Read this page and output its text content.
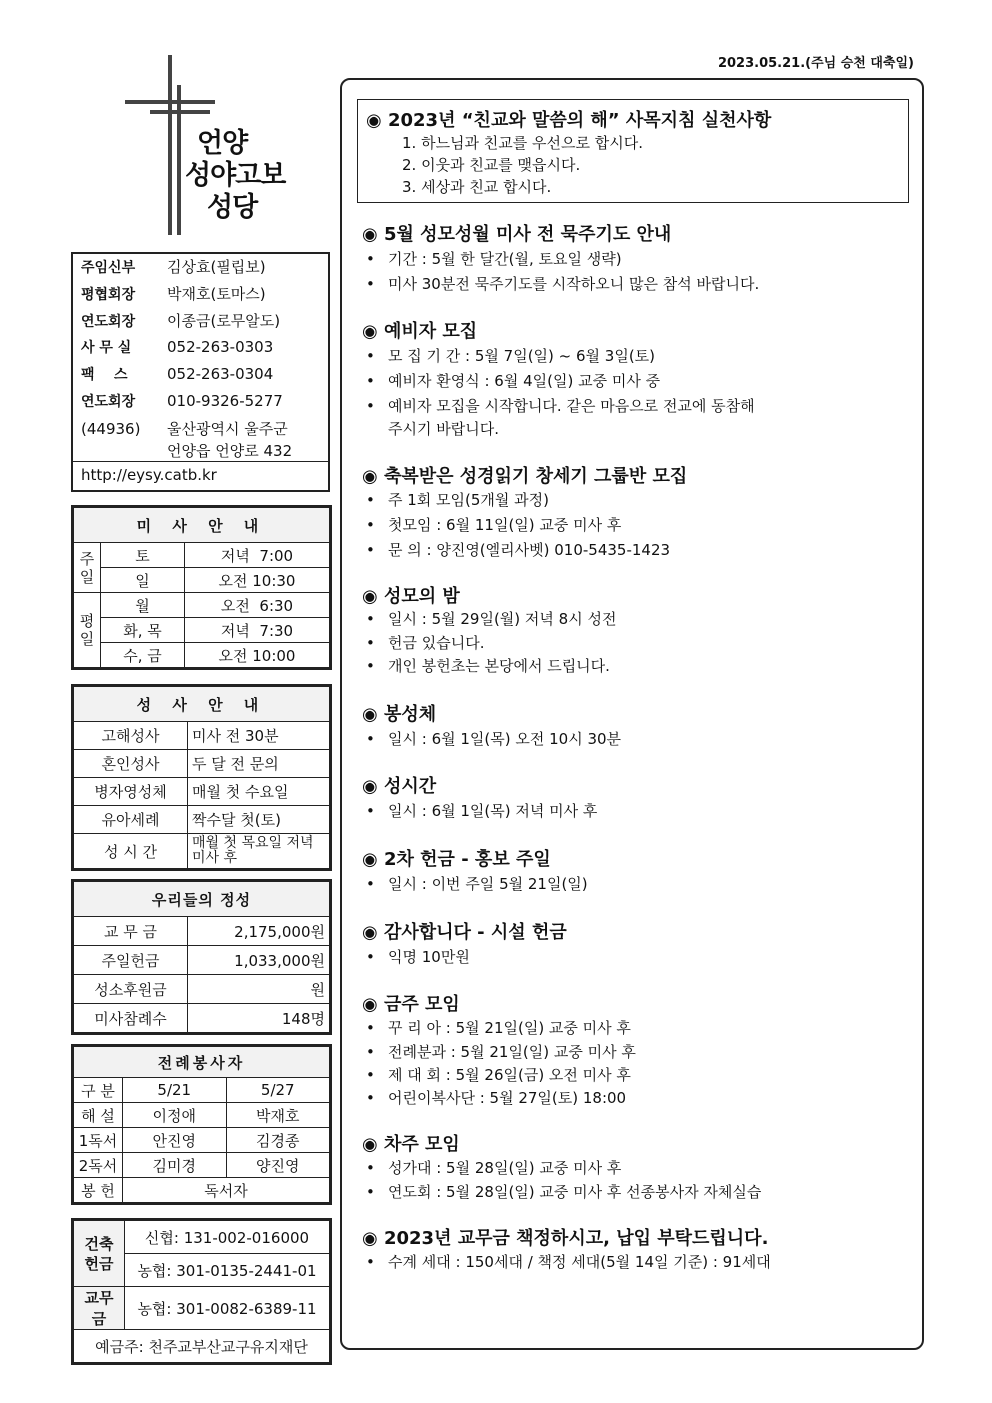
2023.05.21.(주님 승천 대축일)
언양
성야고보
성당
주임신부 김상효(필립보)
평협회장 박재호(토마스)
연도회장 이종금(로무알도)
사 무 실 052-263-0303
팩    스	052-263-0304
연도회장 010-9326-5277
(44936) 울산광역시 울주군
언양읍 언양로 432
http://eysy.catb.kr
미 사 안 내		
주일	토	저녁  7:00
	일	오전 10:30
평일	월	오전  6:30
	화, 목	저녁  7:30
	수, 금	오전 10:00
성 사 안 내	
고해성사	미사 전 30분
혼인성사	두 달 전 문의
병자영성체	매월 첫 수요일
유아세례	짝수달 첫(토)
성 시 간	매월 첫 목요일 저녁미사 후
우리들의 정성	
교 무 금	2,175,000원
주일헌금	1,033,000원
성소후원금	원
미사참례수	148명
전례봉사자		
구 분	5/21	5/27
해 설	이정애	박재호
1독서	안진영	김경종
2독서	김미경	양진영
봉 헌	독서자	
건축헌금	신협: 131-002-016000
	농협: 301-0135-2441-01
교무금	농협: 301-0082-6389-11
예금주: 천주교부산교구유지재단	
◉ 2023년 “친교와 말씀의 해” 사목지침 실천사항
1. 하느님과 친교를 우선으로 합시다.
2. 이웃과 친교를 맺읍시다.
3. 세상과 친교 합시다.
◉ 5월 성모성월 미사 전 묵주기도 안내
• 기간 : 5월 한 달간(월, 토요일 생략)
• 미사 30분전 묵주기도를 시작하오니 많은 참석 바랍니다.
◉ 예비자 모집
• 모 집 기 간 : 5월 7일(일) ~ 6월 3일(토)
• 예비자 환영식 : 6월 4일(일) 교중 미사 중
• 예비자 모집을 시작합니다. 같은 마음으로 전교에 동참해
주시기 바랍니다.
◉ 축복받은 성경읽기 창세기 그룹반 모집
• 주 1회 모임(5개월 과정)
• 첫모임 : 6월 11일(일) 교중 미사 후
• 문 의 : 양진영(엘리사벳) 010-5435-1423
◉ 성모의 밤
• 일시 : 5월 29일(월) 저녁 8시 성전
• 헌금 있습니다.
• 개인 봉헌초는 본당에서 드립니다.
◉ 봉성체
• 일시 : 6월 1일(목) 오전 10시 30분
◉ 성시간
• 일시 : 6월 1일(목) 저녁 미사 후
◉ 2차 헌금 - 홍보 주일
• 일시 : 이번 주일 5월 21일(일)
◉ 감사합니다 - 시설 헌금
• 익명 10만원
◉ 금주 모임
• 꾸 리 아 : 5월 21일(일) 교중 미사 후
• 전례분과 : 5월 21일(일) 교중 미사 후
• 제 대 회 : 5월 26일(금) 오전 미사 후
• 어린이복사단 : 5월 27일(토) 18:00
◉ 차주 모임
• 성가대 : 5월 28일(일) 교중 미사 후
• 연도회 : 5월 28일(일) 교중 미사 후 선종봉사자 자체실습
◉ 2023년 교무금 책정하시고, 납입 부탁드립니다.
• 수계 세대 : 150세대 / 책정 세대(5월 14일 기준) : 91세대
